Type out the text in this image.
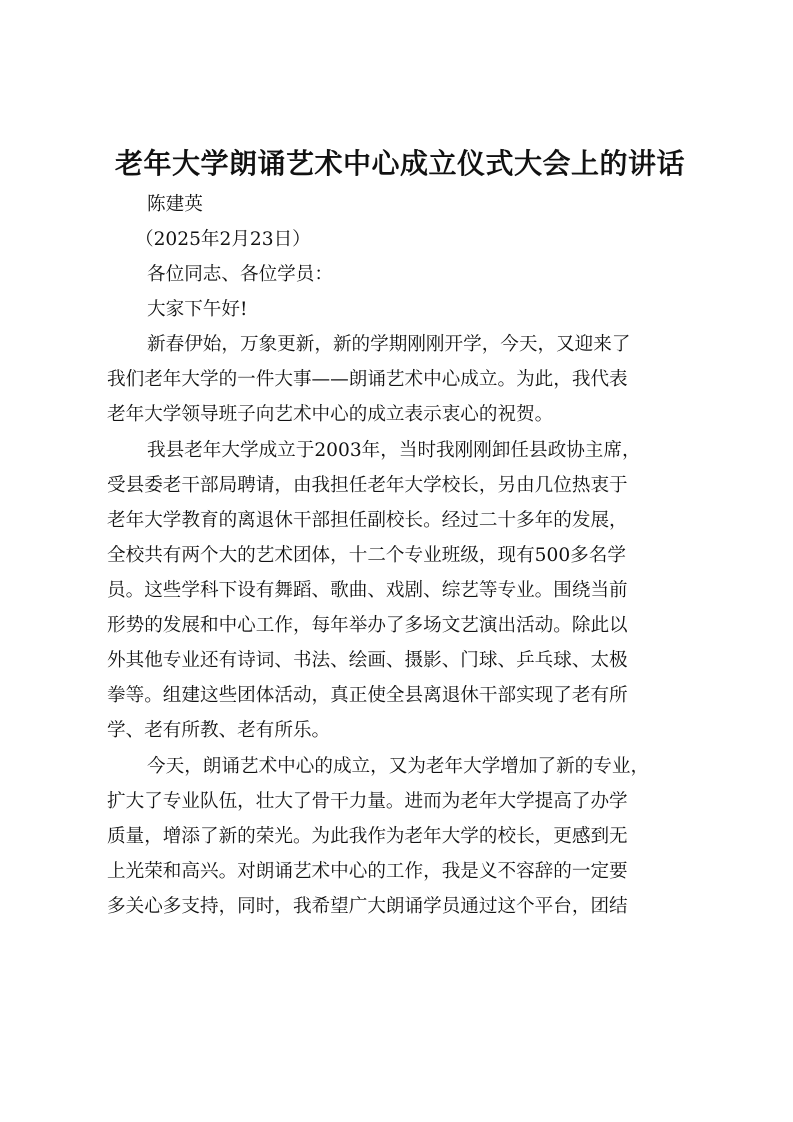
老年大学朗诵艺术中心成立仪式大会上的讲话
陈建英
（2025年2月23日）
各位同志、各位学员：
大家下午好!
新春伊始，万象更新，新的学期刚刚开学，今天，又迎来了
我们老年大学的一件大事——朗诵艺术中心成立。为此，我代表
老年大学领导班子向艺术中心的成立表示衷心的祝贺。
我县老年大学成立于2003年，当时我刚刚卸任县政协主席，
受县委老干部局聘请，由我担任老年大学校长，另由几位热衷于
老年大学教育的离退休干部担任副校长。经过二十多年的发展，
全校共有两个大的艺术团体，十二个专业班级，现有500多名学
员。这些学科下设有舞蹈、歌曲、戏剧、综艺等专业。围绕当前
形势的发展和中心工作，每年举办了多场文艺演出活动。除此以
外其他专业还有诗词、书法、绘画、摄影、门球、乒乓球、太极
拳等。组建这些团体活动，真正使全县离退休干部实现了老有所
学、老有所教、老有所乐。
今天，朗诵艺术中心的成立，又为老年大学增加了新的专业，
扩大了专业队伍，壮大了骨干力量。进而为老年大学提高了办学
质量，增添了新的荣光。为此我作为老年大学的校长，更感到无
上光荣和高兴。对朗诵艺术中心的工作，我是义不容辞的一定要
多关心多支持，同时，我希望广大朗诵学员通过这个平台，团结
